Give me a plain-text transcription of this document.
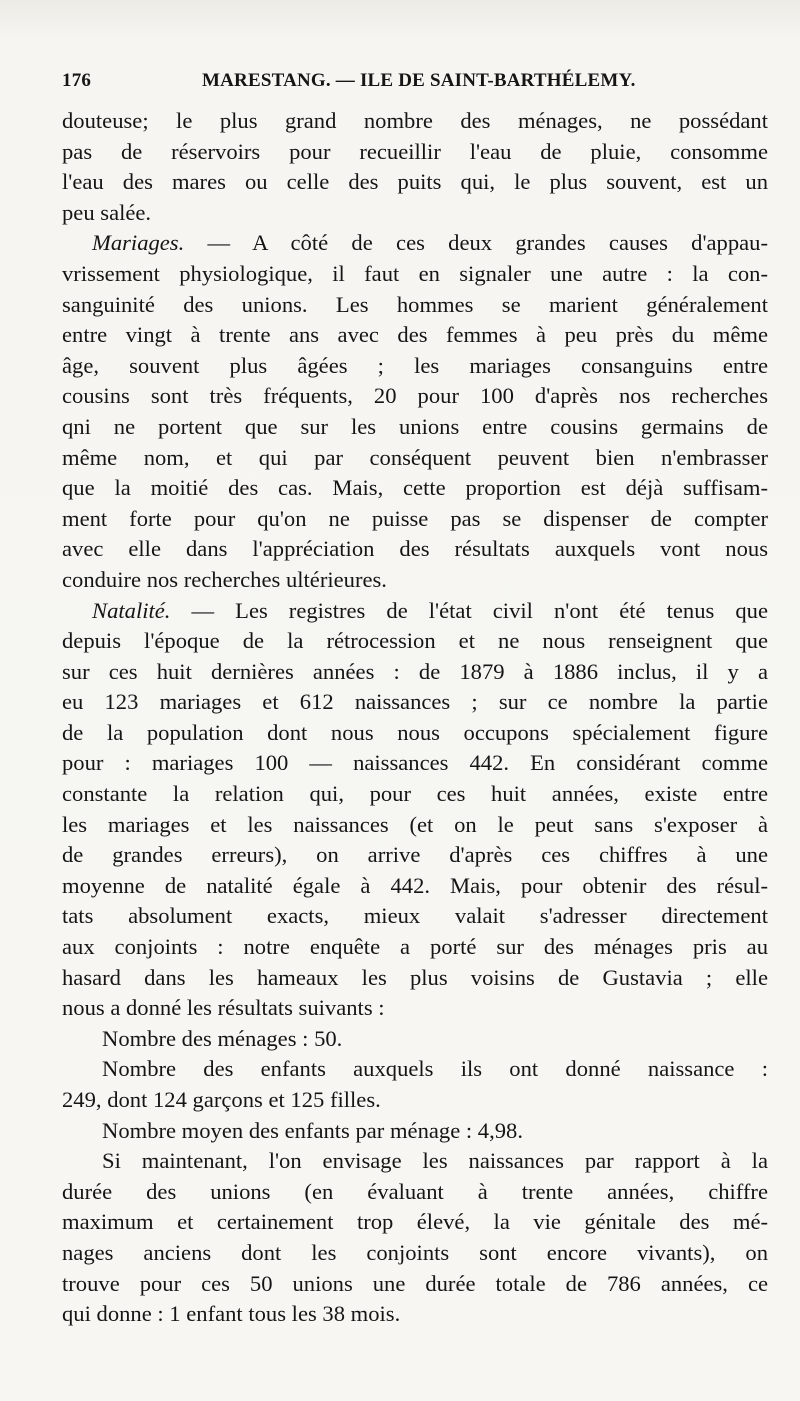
176	MARESTANG. — ILE DE SAINT-BARTHÉLEMY.
douteuse; le plus grand nombre des ménages, ne possédant
pas de réservoirs pour recueillir l'eau de pluie, consomme
l'eau des mares ou celle des puits qui, le plus souvent, est un
peu salée.
Mariages. — A côté de ces deux grandes causes d'appau-
vrissement physiologique, il faut en signaler une autre : la con-
sanguinité des unions. Les hommes se marient généralement
entre vingt à trente ans avec des femmes à peu près du même
âge, souvent plus âgées ; les mariages consanguins entre
cousins sont très fréquents, 20 pour 100 d'après nos recherches
qni ne portent que sur les unions entre cousins germains de
même nom, et qui par conséquent peuvent bien n'embrasser
que la moitié des cas. Mais, cette proportion est déjà suffisam-
ment forte pour qu'on ne puisse pas se dispenser de compter
avec elle dans l'appréciation des résultats auxquels vont nous
conduire nos recherches ultérieures.
Natalité. — Les registres de l'état civil n'ont été tenus que
depuis l'époque de la rétrocession et ne nous renseignent que
sur ces huit dernières années : de 1879 à 1886 inclus, il y a
eu 123 mariages et 612 naissances ; sur ce nombre la partie
de la population dont nous nous occupons spécialement figure
pour : mariages 100 — naissances 442. En considérant comme
constante la relation qui, pour ces huit années, existe entre
les mariages et les naissances (et on le peut sans s'exposer à
de grandes erreurs), on arrive d'après ces chiffres à une
moyenne de natalité égale à 442. Mais, pour obtenir des résul-
tats absolument exacts, mieux valait s'adresser directement
aux conjoints : notre enquête a porté sur des ménages pris au
hasard dans les hameaux les plus voisins de Gustavia ; elle
nous a donné les résultats suivants :
Nombre des ménages : 50.
Nombre des enfants auxquels ils ont donné naissance :
249, dont 124 garçons et 125 filles.
Nombre moyen des enfants par ménage : 4,98.
Si maintenant, l'on envisage les naissances par rapport à la
durée des unions (en évaluant à trente années, chiffre
maximum et certainement trop élevé, la vie génitale des mé-
nages anciens dont les conjoints sont encore vivants), on
trouve pour ces 50 unions une durée totale de 786 années, ce
qui donne : 1 enfant tous les 38 mois.
